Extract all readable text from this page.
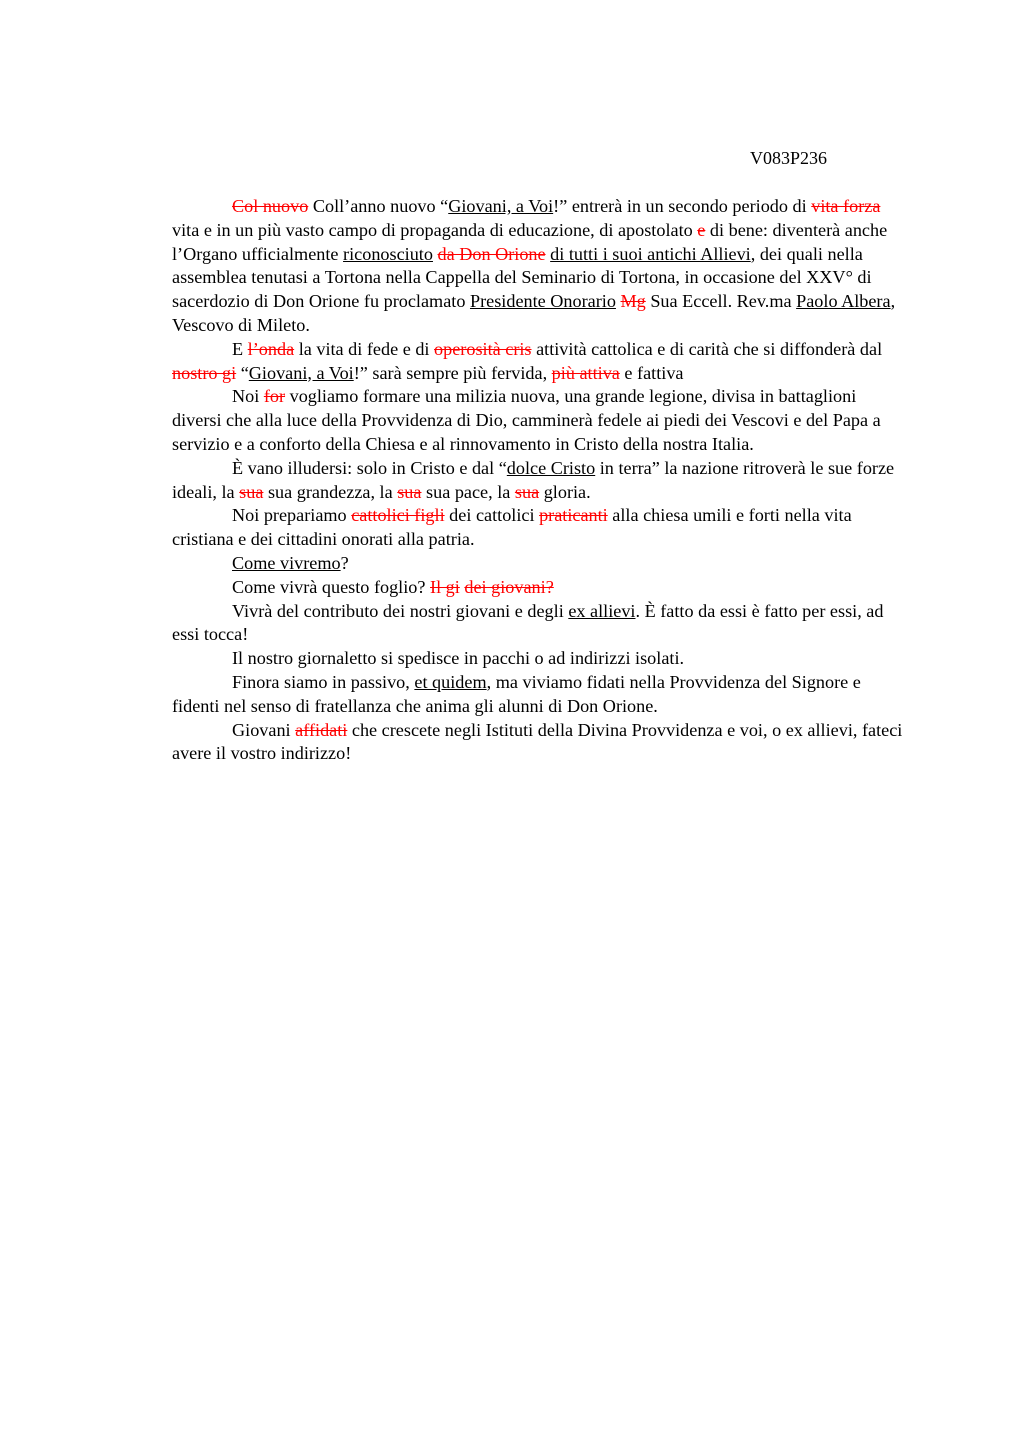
V083P236

Col nuovo Coll’anno nuovo “Giovani, a Voi!” entrerà in un secondo periodo di vita forza vita e in un più vasto campo di propaganda di educazione, di apostolato e di bene: diventerà anche l’Organo ufficialmente riconosciuto da Don Orione di tutti i suoi antichi Allievi, dei quali nella assemblea tenutasi a Tortona nella Cappella del Seminario di Tortona, in occasione del XXV° di sacerdozio di Don Orione fu proclamato Presidente Onorario Mg Sua Eccell. Rev.ma Paolo Albera, Vescovo di Mileto.

E l’onda la vita di fede e di operosità cris attività cattolica e di carità che si diffonderà dal nostro gi “Giovani, a Voi!” sarà sempre più fervida, più attiva e fattiva

Noi for vogliamo formare una milizia nuova, una grande legione, divisa in battaglioni diversi che alla luce della Provvidenza di Dio, camminerà fedele ai piedi dei Vescovi e del Papa a servizio e a conforto della Chiesa e al rinnovamento in Cristo della nostra Italia.

È vano illudersi: solo in Cristo e dal “dolce Cristo in terra” la nazione ritroverà le sue forze ideali, la sua sua grandezza, la sua sua pace, la sua gloria.

Noi prepariamo cattolici figli dei cattolici praticanti alla chiesa umili e forti nella vita cristiana e dei cittadini onorati alla patria.

Come vivremo?

Come vivrà questo foglio? Il gi dei giovani?

Vivrà del contributo dei nostri giovani e degli ex allievi. È fatto da essi è fatto per essi, ad essi tocca!

Il nostro giornaletto si spedisce in pacchi o ad indirizzi isolati.

Finora siamo in passivo, et quidem, ma viviamo fidati nella Provvidenza del Signore e fidenti nel senso di fratellanza che anima gli alunni di Don Orione.

Giovani affidati che crescete negli Istituti della Divina Provvidenza e voi, o ex allievi, fateci avere il vostro indirizzo!
